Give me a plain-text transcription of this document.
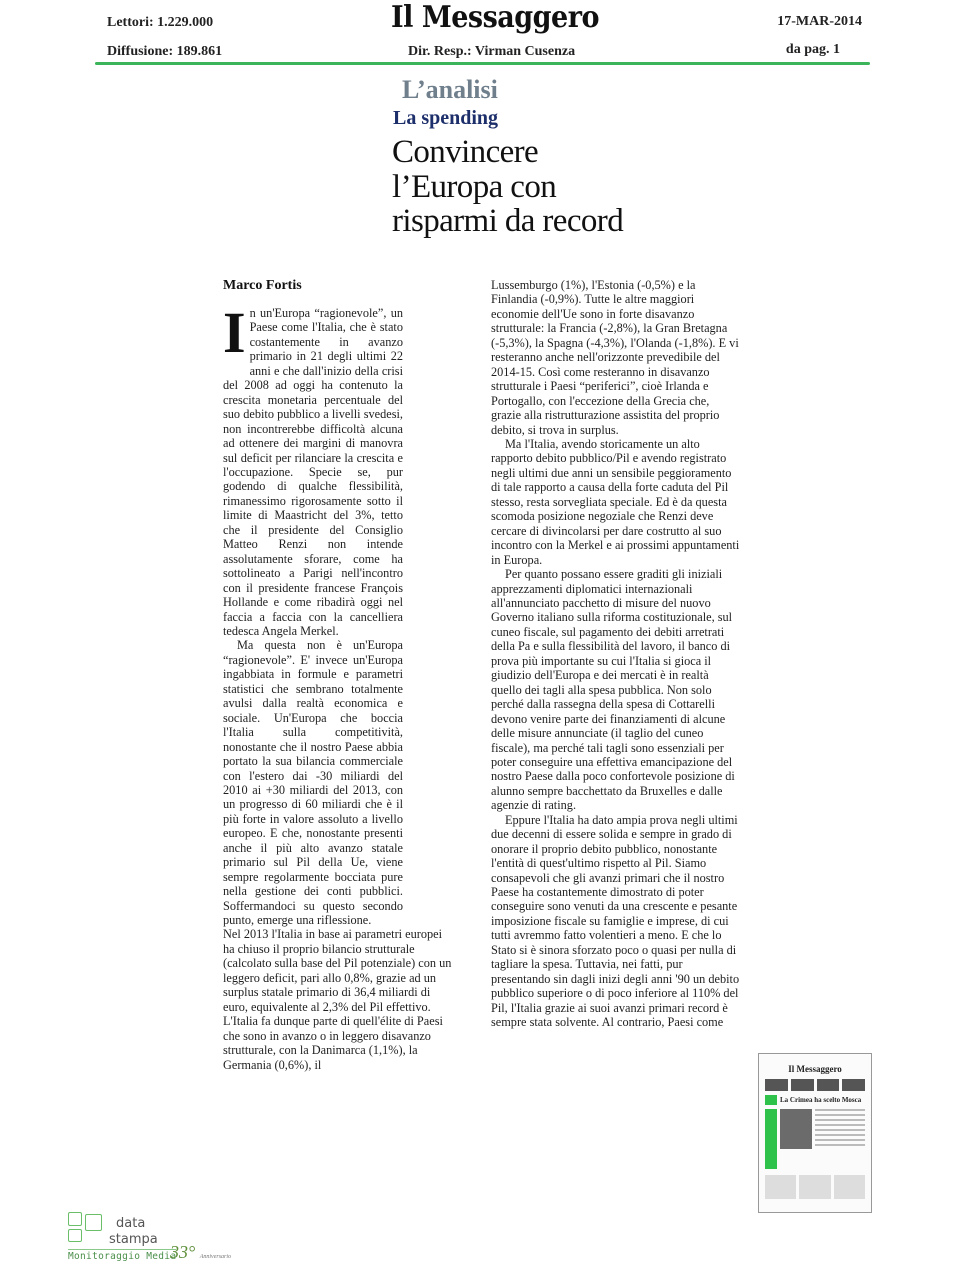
Lettori: 1.229.000
Diffusione: 189.861
Il Messaggero
Dir. Resp.: Virman Cusenza
17-MAR-2014
da pag. 1
L’analisi
La spending
Convincere l’Europa con risparmi da record
Marco Fortis

In un'Europa “ragionevole”, un Paese come l'Italia, che è stato costantemente in avanzo primario in 21 degli ultimi 22 anni e che dall'inizio della crisi del 2008 ad oggi ha contenuto la crescita monetaria percentuale del suo debito pubblico a livelli svedesi, non incontrerebbe difficoltà alcuna ad ottenere dei margini di manovra sul deficit per rilanciare la crescita e l'occupazione. Specie se, pur godendo di qualche flessibilità, rimanessimo rigorosamente sotto il limite di Maastricht del 3%, tetto che il presidente del Consiglio Matteo Renzi non intende assolutamente sforare, come ha sottolineato a Parigi nell'incontro con il presidente francese François Hollande e come ribadirà oggi nel faccia a faccia con la cancelliera tedesca Angela Merkel.

Ma questa non è un'Europa “ragionevole”. E' invece un'Europa ingabbiata in formule e parametri statistici che sembrano totalmente avulsi dalla realtà economica e sociale. Un'Europa che boccia l'Italia sulla competitività, nonostante che il nostro Paese abbia portato la sua bilancia commerciale con l'estero dai -30 miliardi del 2010 ai +30 miliardi del 2013, con un progresso di 60 miliardi che è il più forte in valore assoluto a livello europeo. E che, nonostante presenti anche il più alto avanzo statale primario sul Pil della Ue, viene sempre regolarmente bocciata pure nella gestione dei conti pubblici. Soffermandoci su questo secondo punto, emerge una riflessione.

Nel 2013 l'Italia in base ai parametri europei ha chiuso il proprio bilancio strutturale (calcolato sulla base del Pil potenziale) con un leggero deficit, pari allo 0,8%, grazie ad un surplus statale primario di 36,4 miliardi di euro, equivalente al 2,3% del Pil effettivo. L'Italia fa dunque parte di quell'élite di Paesi che sono in avanzo o in leggero disavanzo strutturale, con la Danimarca (1,1%), la Germania (0,6%), il

Lussemburgo (1%), l'Estonia (-0,5%) e la Finlandia (-0,9%). Tutte le altre maggiori economie dell'Ue sono in forte disavanzo strutturale: la Francia (-2,8%), la Gran Bretagna (-5,3%), la Spagna (-4,3%), l'Olanda (-1,8%). E vi resteranno anche nell'orizzonte prevedibile del 2014-15. Così come resteranno in disavanzo strutturale i Paesi “periferici”, cioè Irlanda e Portogallo, con l'eccezione della Grecia che, grazie alla ristrutturazione assistita del proprio debito, si trova in surplus.

Ma l'Italia, avendo storicamente un alto rapporto debito pubblico/Pil e avendo registrato negli ultimi due anni un sensibile peggioramento di tale rapporto a causa della forte caduta del Pil stesso, resta sorvegliata speciale. Ed è da questa scomoda posizione negoziale che Renzi deve cercare di divincolarsi per dare costrutto al suo incontro con la Merkel e ai prossimi appuntamenti in Europa.

Per quanto possano essere graditi gli iniziali apprezzamenti diplomatici internazionali all'annunciato pacchetto di misure del nuovo Governo italiano sulla riforma costituzionale, sul cuneo fiscale, sul pagamento dei debiti arretrati della Pa e sulla flessibilità del lavoro, il banco di prova più importante su cui l'Italia si gioca il giudizio dell'Europa e dei mercati è in realtà quello dei tagli alla spesa pubblica. Non solo perché dalla rassegna della spesa di Cottarelli devono venire parte dei finanziamenti di alcune delle misure annunciate (il taglio del cuneo fiscale), ma perché tali tagli sono essenziali per poter conseguire una effettiva emancipazione del nostro Paese dalla poco confortevole posizione di alunno sempre bacchettato da Bruxelles e dalle agenzie di rating.

Eppure l'Italia ha dato ampia prova negli ultimi due decenni di essere solida e sempre in grado di onorare il proprio debito pubblico, nonostante l'entità di quest'ultimo rispetto al Pil. Siamo consapevoli che gli avanzi primari che il nostro Paese ha costantemente dimostrato di poter conseguire sono venuti da una crescente e pesante imposizione fiscale su famiglie e imprese, di cui tutti avremmo fatto volentieri a meno. E che lo Stato si è sinora sforzato poco o quasi per nulla di tagliare la spesa. Tuttavia, nei fatti, pur presentando sin dagli inizi degli anni '90 un debito pubblico superiore o di poco inferiore al 110% del Pil, l'Italia grazie ai suoi avanzi primari record è sempre stata solvente. Al contrario, Paesi come

Il Messaggero
La Crimea ha scelto Mosca
data
stampa
Monitoraggio Media
33° Anniversario
